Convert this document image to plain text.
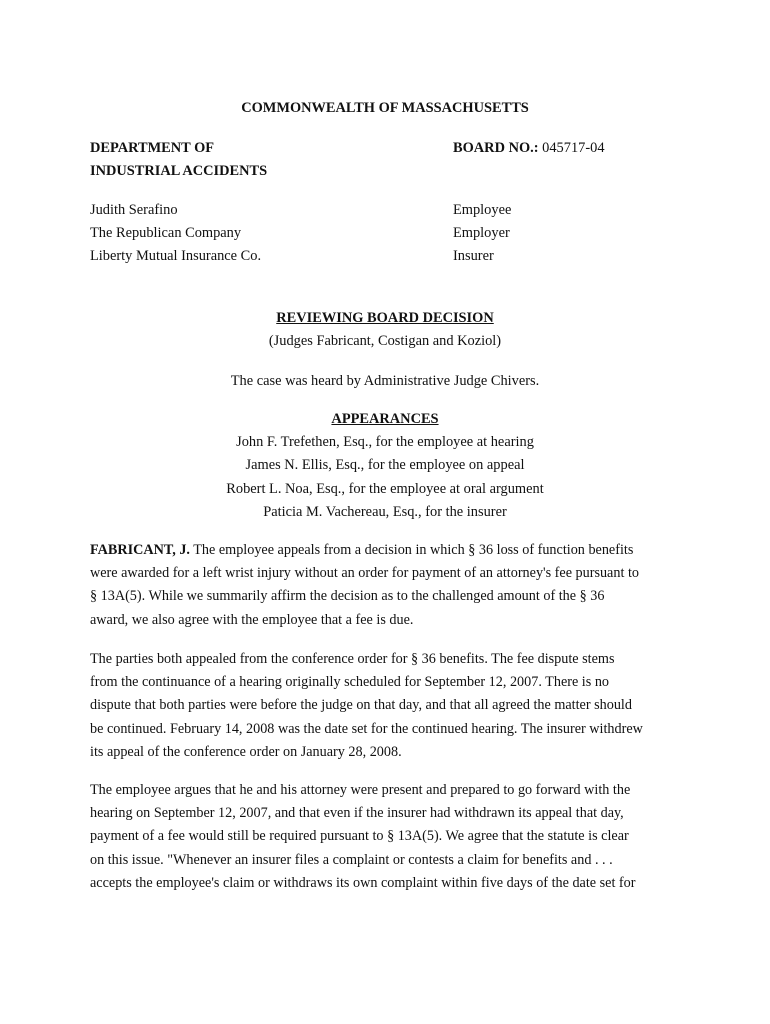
COMMONWEALTH OF MASSACHUSETTS
DEPARTMENT OF
INDUSTRIAL ACCIDENTS
BOARD NO.: 045717-04
Judith Serafino	Employee
The Republican Company	Employer
Liberty Mutual Insurance Co.	Insurer
REVIEWING BOARD DECISION
(Judges Fabricant, Costigan and Koziol)
The case was heard by Administrative Judge Chivers.
APPEARANCES
John F. Trefethen, Esq., for the employee at hearing
James N. Ellis, Esq., for the employee on appeal
Robert L. Noa, Esq., for the employee at oral argument
Paticia M. Vachereau, Esq., for the insurer
FABRICANT, J. The employee appeals from a decision in which § 36 loss of function benefits
were awarded for a left wrist injury without an order for payment of an attorney's fee pursuant to
§ 13A(5). While we summarily affirm the decision as to the challenged amount of the § 36
award, we also agree with the employee that a fee is due.
The parties both appealed from the conference order for § 36 benefits. The fee dispute stems
from the continuance of a hearing originally scheduled for September 12, 2007. There is no
dispute that both parties were before the judge on that day, and that all agreed the matter should
be continued. February 14, 2008 was the date set for the continued hearing. The insurer withdrew
its appeal of the conference order on January 28, 2008.
The employee argues that he and his attorney were present and prepared to go forward with the
hearing on September 12, 2007, and that even if the insurer had withdrawn its appeal that day,
payment of a fee would still be required pursuant to § 13A(5). We agree that the statute is clear
on this issue. "Whenever an insurer files a complaint or contests a claim for benefits and . . .
accepts the employee's claim or withdraws its own complaint within five days of the date set for
